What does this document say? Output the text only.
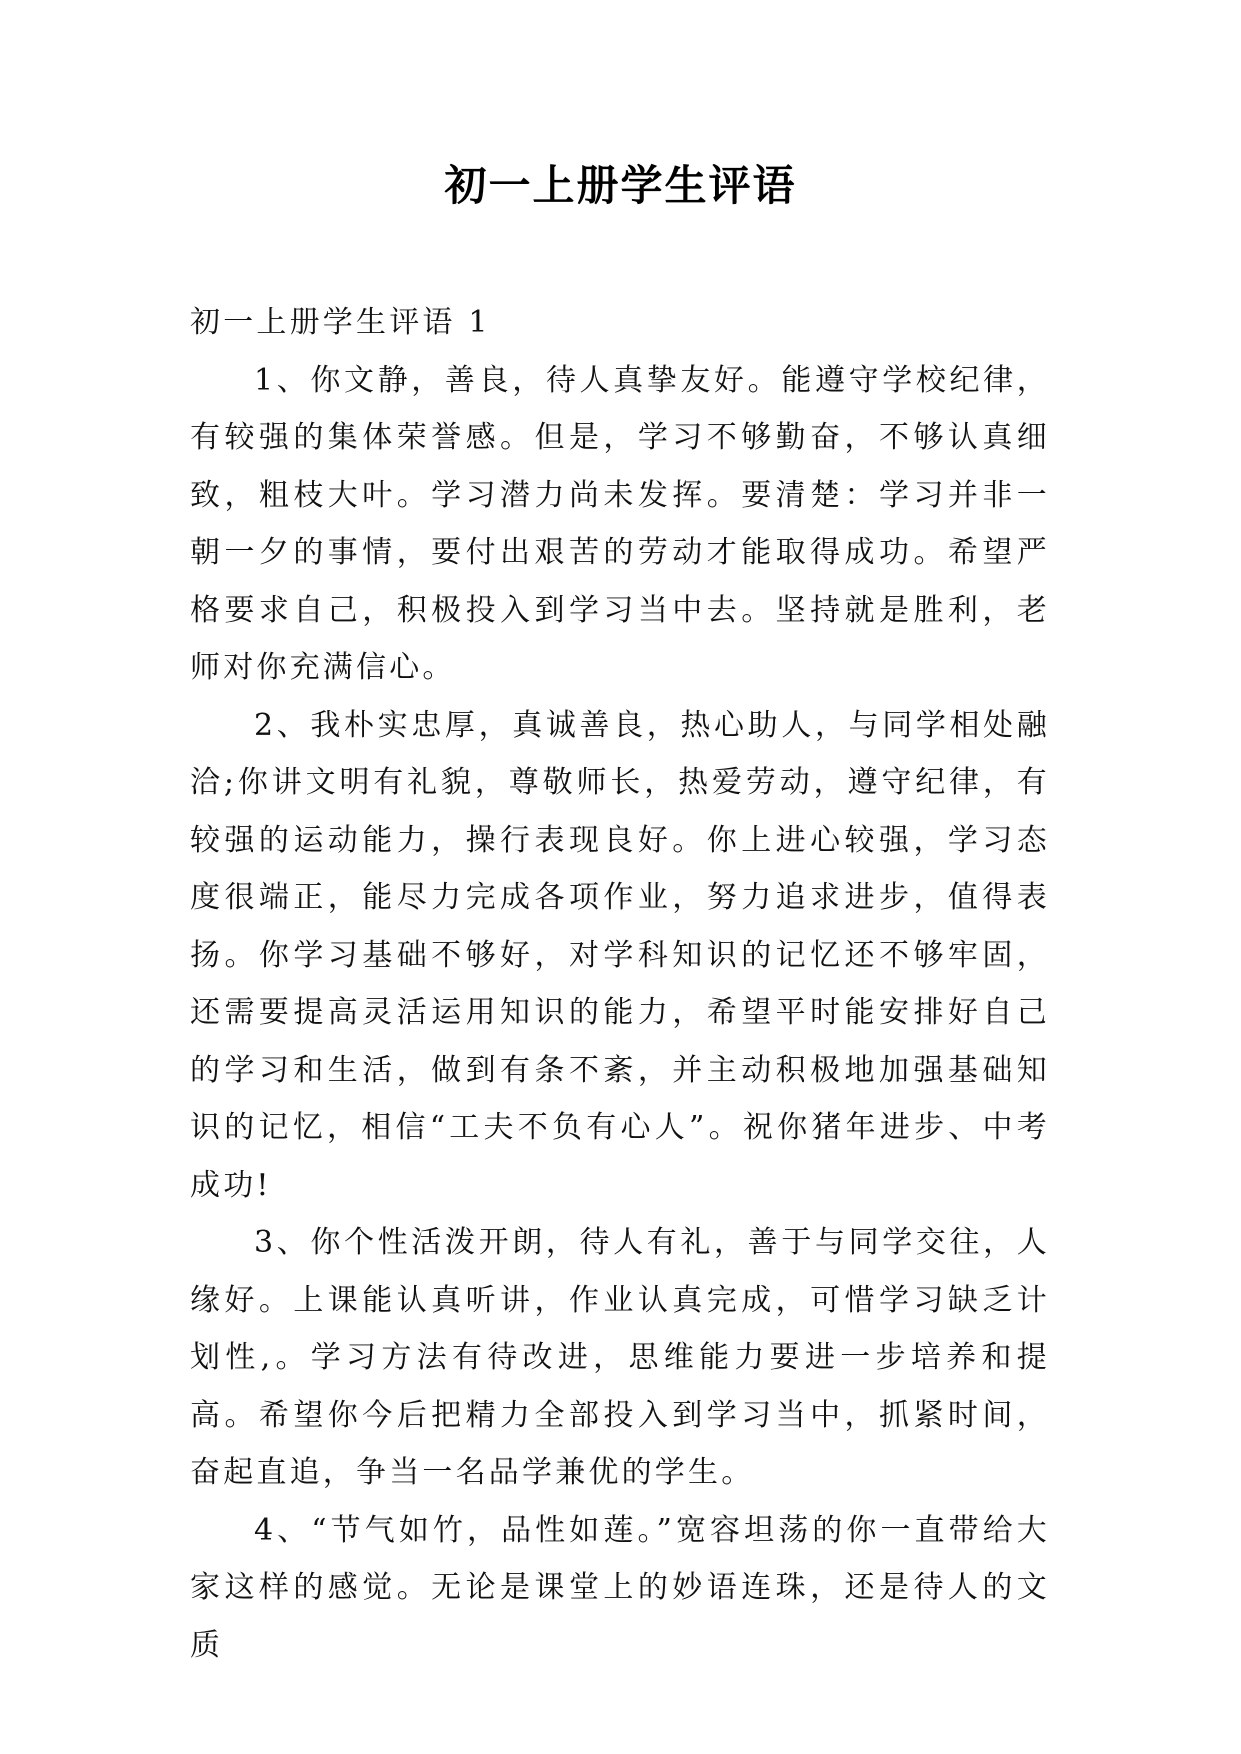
初一上册学生评语

初一上册学生评语 1

1、你文静，善良，待人真挚友好。能遵守学校纪律，有较强的集体荣誉感。但是，学习不够勤奋，不够认真细致，粗枝大叶。学习潜力尚未发挥。要清楚：学习并非一朝一夕的事情，要付出艰苦的劳动才能取得成功。希望严格要求自己，积极投入到学习当中去。坚持就是胜利，老师对你充满信心。

2、我朴实忠厚，真诚善良，热心助人，与同学相处融洽;你讲文明有礼貌，尊敬师长，热爱劳动，遵守纪律，有较强的运动能力，操行表现良好。你上进心较强，学习态度很端正，能尽力完成各项作业，努力追求进步，值得表扬。你学习基础不够好，对学科知识的记忆还不够牢固，还需要提高灵活运用知识的能力，希望平时能安排好自己的学习和生活，做到有条不紊，并主动积极地加强基础知识的记忆，相信“工夫不负有心人”。祝你猪年进步、中考成功!

3、你个性活泼开朗，待人有礼，善于与同学交往，人缘好。上课能认真听讲，作业认真完成，可惜学习缺乏计划性,。学习方法有待改进，思维能力要进一步培养和提高。希望你今后把精力全部投入到学习当中，抓紧时间，奋起直追，争当一名品学兼优的学生。

4、“节气如竹，品性如莲。”宽容坦荡的你一直带给大家这样的感觉。无论是课堂上的妙语连珠，还是待人的文质
